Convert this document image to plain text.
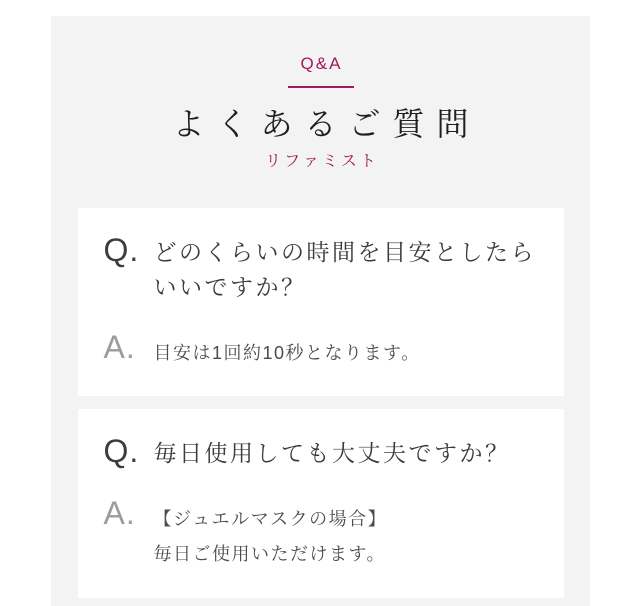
Q&A
よくあるご質問
リファミスト
Q. どのくらいの時間を目安としたらいいですか？
A. 目安は1回約10秒となります。
Q. 毎日使用しても大丈夫ですか？
A. 【ジュエルマスクの場合】
毎日ご使用いただけます。
